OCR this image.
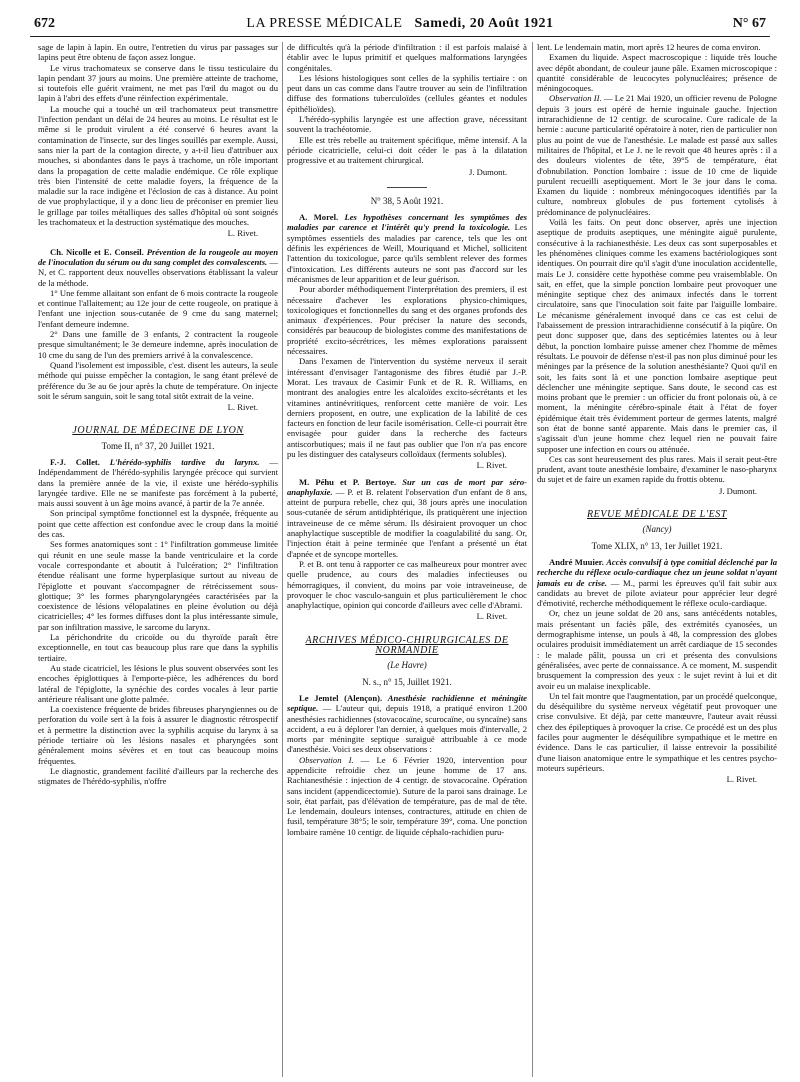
672	LA PRESSE MÉDICALE Samedi, 20 Août 1921	N° 67

sage de lapin à lapin. En outre, l'entretien du virus par passages sur lapins peut être obtenu de façon assez longue.

Le virus trachomateux se conserve dans le tissu testiculaire du lapin pendant 37 jours au moins. Une première atteinte de trachome, si toutefois elle guérit vraiment, ne met pas l'œil du magot ou du lapin à l'abri des effets d'une réinfection expérimentale.

La mouche qui a touché un œil trachomateux peut transmettre l'infection pendant un délai de 24 heures au moins. Le résultat est le même si le produit virulent a été conservé 6 heures avant la contamination de l'insecte, sur des linges souillés par exemple. Aussi, sans nier la part de la contagion directe, y a-t-il lieu d'attribuer aux mouches, si abondantes dans le pays à trachome, un rôle important dans la propagation de cette maladie endémique. Ce rôle explique très bien l'intensité de cette maladie foyers, la fréquence de la maladie sur la race indigène et l'éclosion de cas à distance. Au point de vue prophylactique, il y a donc lieu de préconiser en premier lieu le grillage par toiles métalliques des salles d'hôpital où sont soignés les trachomateux et la destruction systématique des mouches.

L. Rivet.

Ch. Nicolle et E. Conseil. Prévention de la rougeole au moyen de l'inoculation du sérum ou du sang complet des convalescents. — N, et C. rapportent deux nouvelles observations établissant la valeur de la méthode.

1° Une femme allaitant son enfant de 6 mois contracte la rougeole et continue l'allaitement; au 12e jour de cette rougeole, on pratique à l'enfant une injection sous-cutanée de 9 cme du sang maternel; l'enfant demeure indemne.

2° Dans une famille de 3 enfants, 2 contractent la rougeole presque simultanément; le 3e demeure indemne, après inoculation de 10 cme du sang de l'un des premiers arrivé à la convalescence.

Quand l'isolement est impossible, c'est. disent les auteurs, la seule méthode qui puisse empêcher la contagion, le sang étant prélevé de préférence du 3e au 6e jour après la chute de température. On injecte soit le sérum sanguin, soit le sang total sitôt extrait de la veine.

L. Rivet.
JOURNAL DE MÉDECINE DE LYON
Tome II, n° 37, 20 Juillet 1921.

F.-J. Collet. L'hérédo-syphilis tardive du larynx. — Indépendamment de l'hérédo-syphilis laryngée précoce qui survient dans la première année de la vie, il existe une hérédo-syphilis laryngée tardive. Elle ne se manifeste pas forcément à la puberté, mais aussi souvent à un âge moins avancé, à partir de la 7e année.

Son principal symptôme fonctionnel est la dyspnée, fréquente au point que cette affection est confondue avec le croup dans la moitié des cas.

Ses formes anatomiques sont : 1° l'infiltration gommeuse limitée qui réunit en une seule masse la bande ventriculaire et la corde vocale correspondante et aboutit à l'ulcération; 2° l'infiltration étendue réalisant une forme hyperplasique surtout au niveau de l'épiglotte et pouvant s'accompagner de rétrécissement sous-glottique; 3° les formes pharyngolaryngées caractérisées par la coexistence de lésions vélopalatines en pleine évolution ou déjà cicatricielles; 4° les formes diffuses dont la plus intéressante simule, par son infiltration massive, le sarcome du larynx.

La périchondrite du cricoïde ou du thyroïde paraît être exceptionnelle, en tout cas beaucoup plus rare que dans la syphilis tertiaire.

Au stade cicatriciel, les lésions le plus souvent observées sont les encoches épiglottiques à l'emporte-pièce, les adhérences du bord latéral de l'épiglotte, la synéchie des cordes vocales à leur partie antérieure réalisant une glotte palmée.

La coexistence fréquente de brides fibreuses pharyngiennes ou de perforation du voile sert à la fois à assurer le diagnostic rétrospectif et à permettre la distinction avec la syphilis acquise du larynx à sa période tertiaire où les lésions nasales et pharyngées sont généralement moins sévères et en tout cas beaucoup moins fréquentes.

Le diagnostic, grandement facilité d'ailleurs par la recherche des stigmates de l'hérédo-syphilis, n'offre

de difficultés qu'à la période d'infiltration : il est parfois malaisé à établir avec le lupus primitif et quelques malformations laryngées congénitales.

Les lésions histologiques sont celles de la syphilis tertiaire : on peut dans un cas comme dans l'autre trouver au sein de l'infiltration diffuse des formations tuberculoïdes (cellules géantes et nodules épithélioïdes).

L'hérédo-syphilis laryngée est une affection grave, nécessitant souvent la trachéotomie.

Elle est très rebelle au traitement spécifique, même intensif. A la période cicatricielle, celui-ci doit céder le pas à la dilatation progressive et au traitement chirurgical.

J. Dumont.
N° 38, 5 Août 1921.

A. Morel. Les hypothèses concernant les symptômes des maladies par carence et l'intérêt qu'y prend la toxicologie. Les symptômes essentiels des maladies par carence, tels que les ont définis les expériences de Weill, Mouriquand et Michel, sollicitent l'attention du toxicologue, parce qu'ils semblent relever des formes d'intoxication. Les différents auteurs ne sont pas d'accord sur les mécanismes de leur apparition et de leur guérison.

Pour aborder méthodiquement l'interprétation des premiers, il est nécessaire d'achever les explorations physico-chimiques, toxicologiques et fonctionnelles du sang et des organes profonds des animaux d'expériences. Pour préciser la nature des seconds, considérés par beaucoup de biologistes comme des manifestations de propriété excito-sécrétrices, les mêmes explorations paraissent nécessaires.

Dans l'examen de l'intervention du système nerveux il serait intéressant d'envisager l'antagonisme des fibres étudié par J.-P. Morat. Les travaux de Casimir Funk et de R. R. Williams, en montrant des analogies entre les alcaloïdes excito-sécrétants et les vitamines antinévritiques, renforcent cette manière de voir. Les derniers proposent, en outre, une explication de la labilité de ces facteurs en fonction de leur facile isomérisation. Celle-ci pourrait être envisagée pour guider dans la recherche des facteurs antiscorbutiques; mais il ne faut pas oublier que l'on n'a pas encore pu les distinguer des catalyseurs colloïdaux (ferments solubles).

L. Rivet.

M. Péhu et P. Bertoye. Sur un cas de mort par séro-anaphylaxie. — P. et B. relatent l'observation d'un enfant de 8 ans, atteint de purpura rebelle, chez qui, 38 jours après une inoculation sous-cutanée de sérum antidiphtérique, ils pratiquèrent une injection intraveineuse de ce même sérum. Ils désiraient provoquer un choc anaphylactique susceptible de modifier la coagulabilité du sang. Or, l'injection était à peine terminée que l'enfant a présenté un état d'apnée et de syncope mortelles.

P. et B. ont tenu à rapporter ce cas malheureux pour montrer avec quelle prudence, au cours des maladies infectieuses ou hémorragiques, il convient, du moins par voie intraveineuse, de provoquer le choc vasculo-sanguin et plus particulièrement le choc anaphylactique, opinion qui concorde d'ailleurs avec celle d'Abrami.

L. Rivet.
ARCHIVES MÉDICO-CHIRURGICALES DE NORMANDIE
(Le Havre)
N. s., n° 15, Juillet 1921.

Le Jemtel (Alençon). Anesthésie rachidienne et méningite septique. — L'auteur qui, depuis 1918, a pratiqué environ 1.200 anesthésies rachidiennes (stovacocaïne, scurocaïne, ou syncaïne) sans accident, a eu à déplorer l'an dernier, à quelques mois d'intervalle, 2 morts par méningite septique suraiguë attribuable à ce mode d'anesthésie. Voici ses deux observations :

Observation I. — Le 6 Février 1920, intervention pour appendicite refroidie chez un jeune homme de 17 ans. Rachianesthésie : injection de 4 centigr. de stovacocaïne. Opération sans incident (appendicectomie). Suture de la paroi sans drainage. Le soir, état parfait, pas d'élévation de température, pas de mal de tête. Le lendemain, douleurs intenses, contractures, attitude en chien de fusil, température 38°5; le soir, température 39°, coma. Une ponction lombaire ramène 10 centigr. de liquide céphalo-rachidien puru-

lent. Le lendemain matin, mort après 12 heures de coma environ.

Examen du liquide. Aspect macroscopique : liquide très louche avec dépôt abondant, de couleur jaune pâle. Examen microscopique : quantité considérable de leucocytes polynucléaires; présence de méningocoques.

Observation II. — Le 21 Mai 1920, un officier revenu de Pologne depuis 3 jours est opéré de hernie inguinale gauche. Injection intrarachidienne de 12 centigr. de scurocaïne. Cure radicale de la hernie : aucune particularité opératoire à noter, rien de particulier non plus au point de vue de l'anesthésie. Le malade est passé aux salles militaires de l'hôpital, et Le J. ne le revoit que 48 heures après : il a des douleurs violentes de tête, 39°5 de température, état d'obnubilation. Ponction lombaire : issue de 10 cme de liquide purulent recueilli aseptiquement. Mort le 3e jour dans le coma. Examen du liquide : nombreux méningocoques identifiés par la culture, nombreux globules de pus fortement cytolisés à prédominance de polynucléaires.

Voilà les faits. On peut donc observer, après une injection aseptique de produits aseptiques, une méningite aiguë purulente, consécutive à la rachianesthésie. Les deux cas sont superposables et les phénomènes cliniques comme les examens bactériologiques sont identiques. On pourrait dire qu'il s'agit d'une inoculation accidentelle, mais Le J. considère cette hypothèse comme peu vraisemblable. On sait, en effet, que la simple ponction lombaire peut provoquer une méningite septique chez des animaux infectés dans le torrent circulatoire, sans que l'inoculation soit faite par l'aiguille lombaire. Le mécanisme généralement invoqué dans ce cas est celui de l'abaissement de pression intrarachidienne consécutif à la piqûre. On peut donc supposer que, dans des septicémies latentes ou à leur début, la ponction lombaire puisse amener chez l'homme de mêmes résultats. Le pouvoir de défense n'est-il pas non plus diminué pour les méninges par la présence de la solution anesthésiante? Quoi qu'il en soit, les faits sont là et une ponction lombaire aseptique peut déclencher une méningite septique. Sans doute, le second cas est moins probant que le premier : un officier du front polonais où, à ce moment, la méningite cérébro-spinale était à l'état de foyer épidémique était très évidemment porteur de germes latents, malgré son état de bonne santé apparente. Mais dans le premier cas, il s'agissait d'un jeune homme chez lequel rien ne pouvait faire supposer une infection en cours ou atténuée.

Ces cas sont heureusement des plus rares. Mais il serait peut-être prudent, avant toute anesthésie lombaire, d'examiner le naso-pharynx du sujet et de faire un examen rapide du frottis obtenu.

J. Dumont.
REVUE MÉDICALE DE L'EST
(Nancy)
Tome XLIX, n° 13, 1er Juillet 1921.

André Muuier. Accès convulsif à type comitial déclenché par la recherche du réflexe oculo-cardiaque chez un jeune soldat n'ayant jamais eu de crise. — M., parmi les épreuves qu'il fait subir aux candidats au brevet de pilote aviateur pour apprécier leur degré d'émotivité, recherche méthodiquement le réflexe oculo-cardiaque.

Or, chez un jeune soldat de 20 ans, sans antécédents notables, mais présentant un faciès pâle, des extrémités cyanosées, un dermographisme intense, un pouls à 48, la compression des globes oculaires produisit immédiatement un arrêt cardiaque de 15 secondes : le malade pâlit, poussa un cri et présenta des convulsions généralisées, avec perte de connaissance. A ce moment, M. suspendit brusquement la compression des yeux : le sujet revint à lui et dit avoir eu un malaise inexplicable.

Un tel fait montre que l'augmentation, par un procédé quelconque, du déséquilibre du système nerveux végétatif peut provoquer une crise convulsive. Et déjà, par cette manœuvre, l'auteur avait réussi chez des épileptiques à provoquer la crise. Ce procédé est un des plus faciles pour augmenter le déséquilibre sympathique et le mettre en évidence. Dans le cas particulier, il laisse entrevoir la possibilité d'une liaison anatomique entre le sympathique et les centres psycho-moteurs supérieurs.

L. Rivet.
